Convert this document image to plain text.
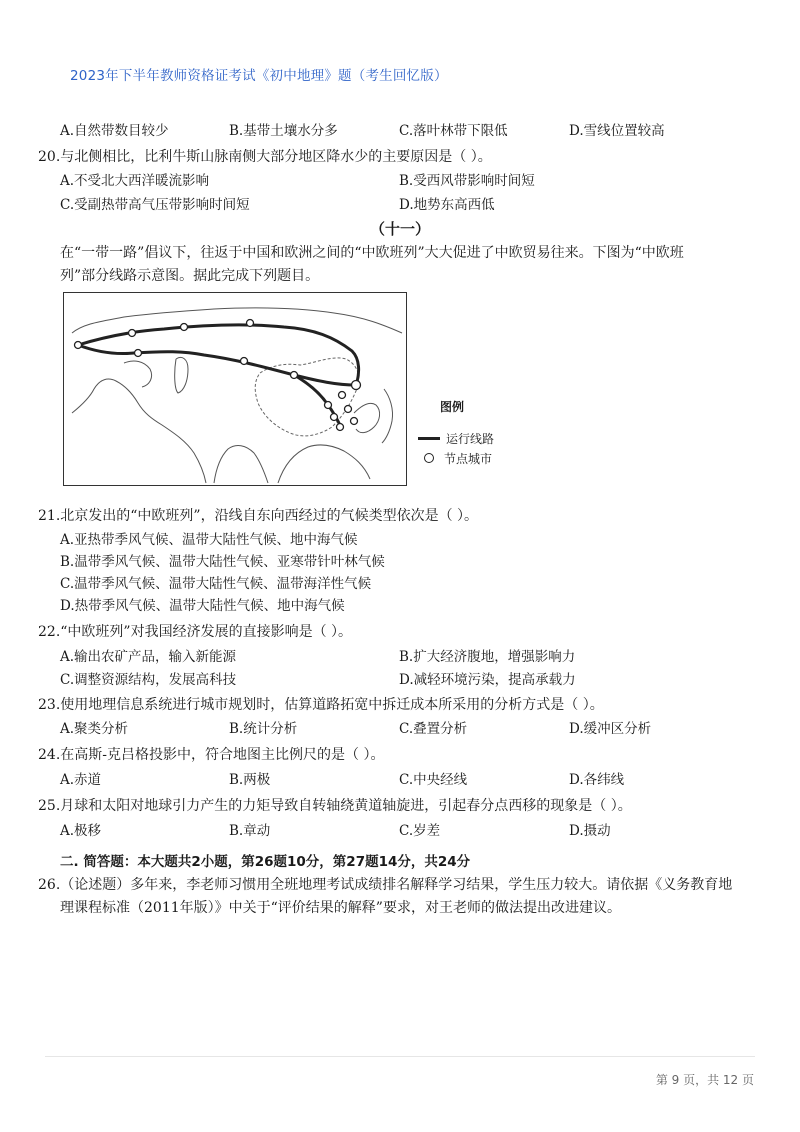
2023年下半年教师资格证考试《初中地理》题（考生回忆版）
A.自然带数目较少	B.基带土壤水分多	C.落叶林带下限低	D.雪线位置较高
20.与北侧相比，比利牛斯山脉南侧大部分地区降水少的主要原因是（ ）。
A.不受北大西洋暖流影响	B.受西风带影响时间短
C.受副热带高气压带影响时间短	D.地势东高西低
（十一）
在“一带一路”倡议下，往返于中国和欧洲之间的“中欧班列”大大促进了中欧贸易往来。下图为“中欧班
列”部分线路示意图。据此完成下列题目。
图例
运行线路
节点城市
21.北京发出的“中欧班列”，沿线自东向西经过的气候类型依次是（ ）。
A.亚热带季风气候、温带大陆性气候、地中海气候
B.温带季风气候、温带大陆性气候、亚寒带针叶林气候
C.温带季风气候、温带大陆性气候、温带海洋性气候
D.热带季风气候、温带大陆性气候、地中海气候
22.“中欧班列”对我国经济发展的直接影响是（ ）。
A.输出农矿产品，输入新能源	B.扩大经济腹地，增强影响力
C.调整资源结构，发展高科技	D.减轻环境污染，提高承载力
23.使用地理信息系统进行城市规划时，估算道路拓宽中拆迁成本所采用的分析方式是（ ）。
A.聚类分析	B.统计分析	C.叠置分析	D.缓冲区分析
24.在高斯-克吕格投影中，符合地图主比例尺的是（ ）。
A.赤道	B.两极	C.中央经线	D.各纬线
25.月球和太阳对地球引力产生的力矩导致自转轴绕黄道轴旋进，引起春分点西移的现象是（ ）。
A.极移	B.章动	C.岁差	D.摄动
二. 简答题：本大题共2小题，第26题10分，第27题14分，共24分
26.（论述题）多年来，李老师习惯用全班地理考试成绩排名解释学习结果，学生压力较大。请依据《义务教育地
理课程标准（2011年版）》中关于“评价结果的解释”要求，对王老师的做法提出改进建议。
第 9 页，共 12 页
